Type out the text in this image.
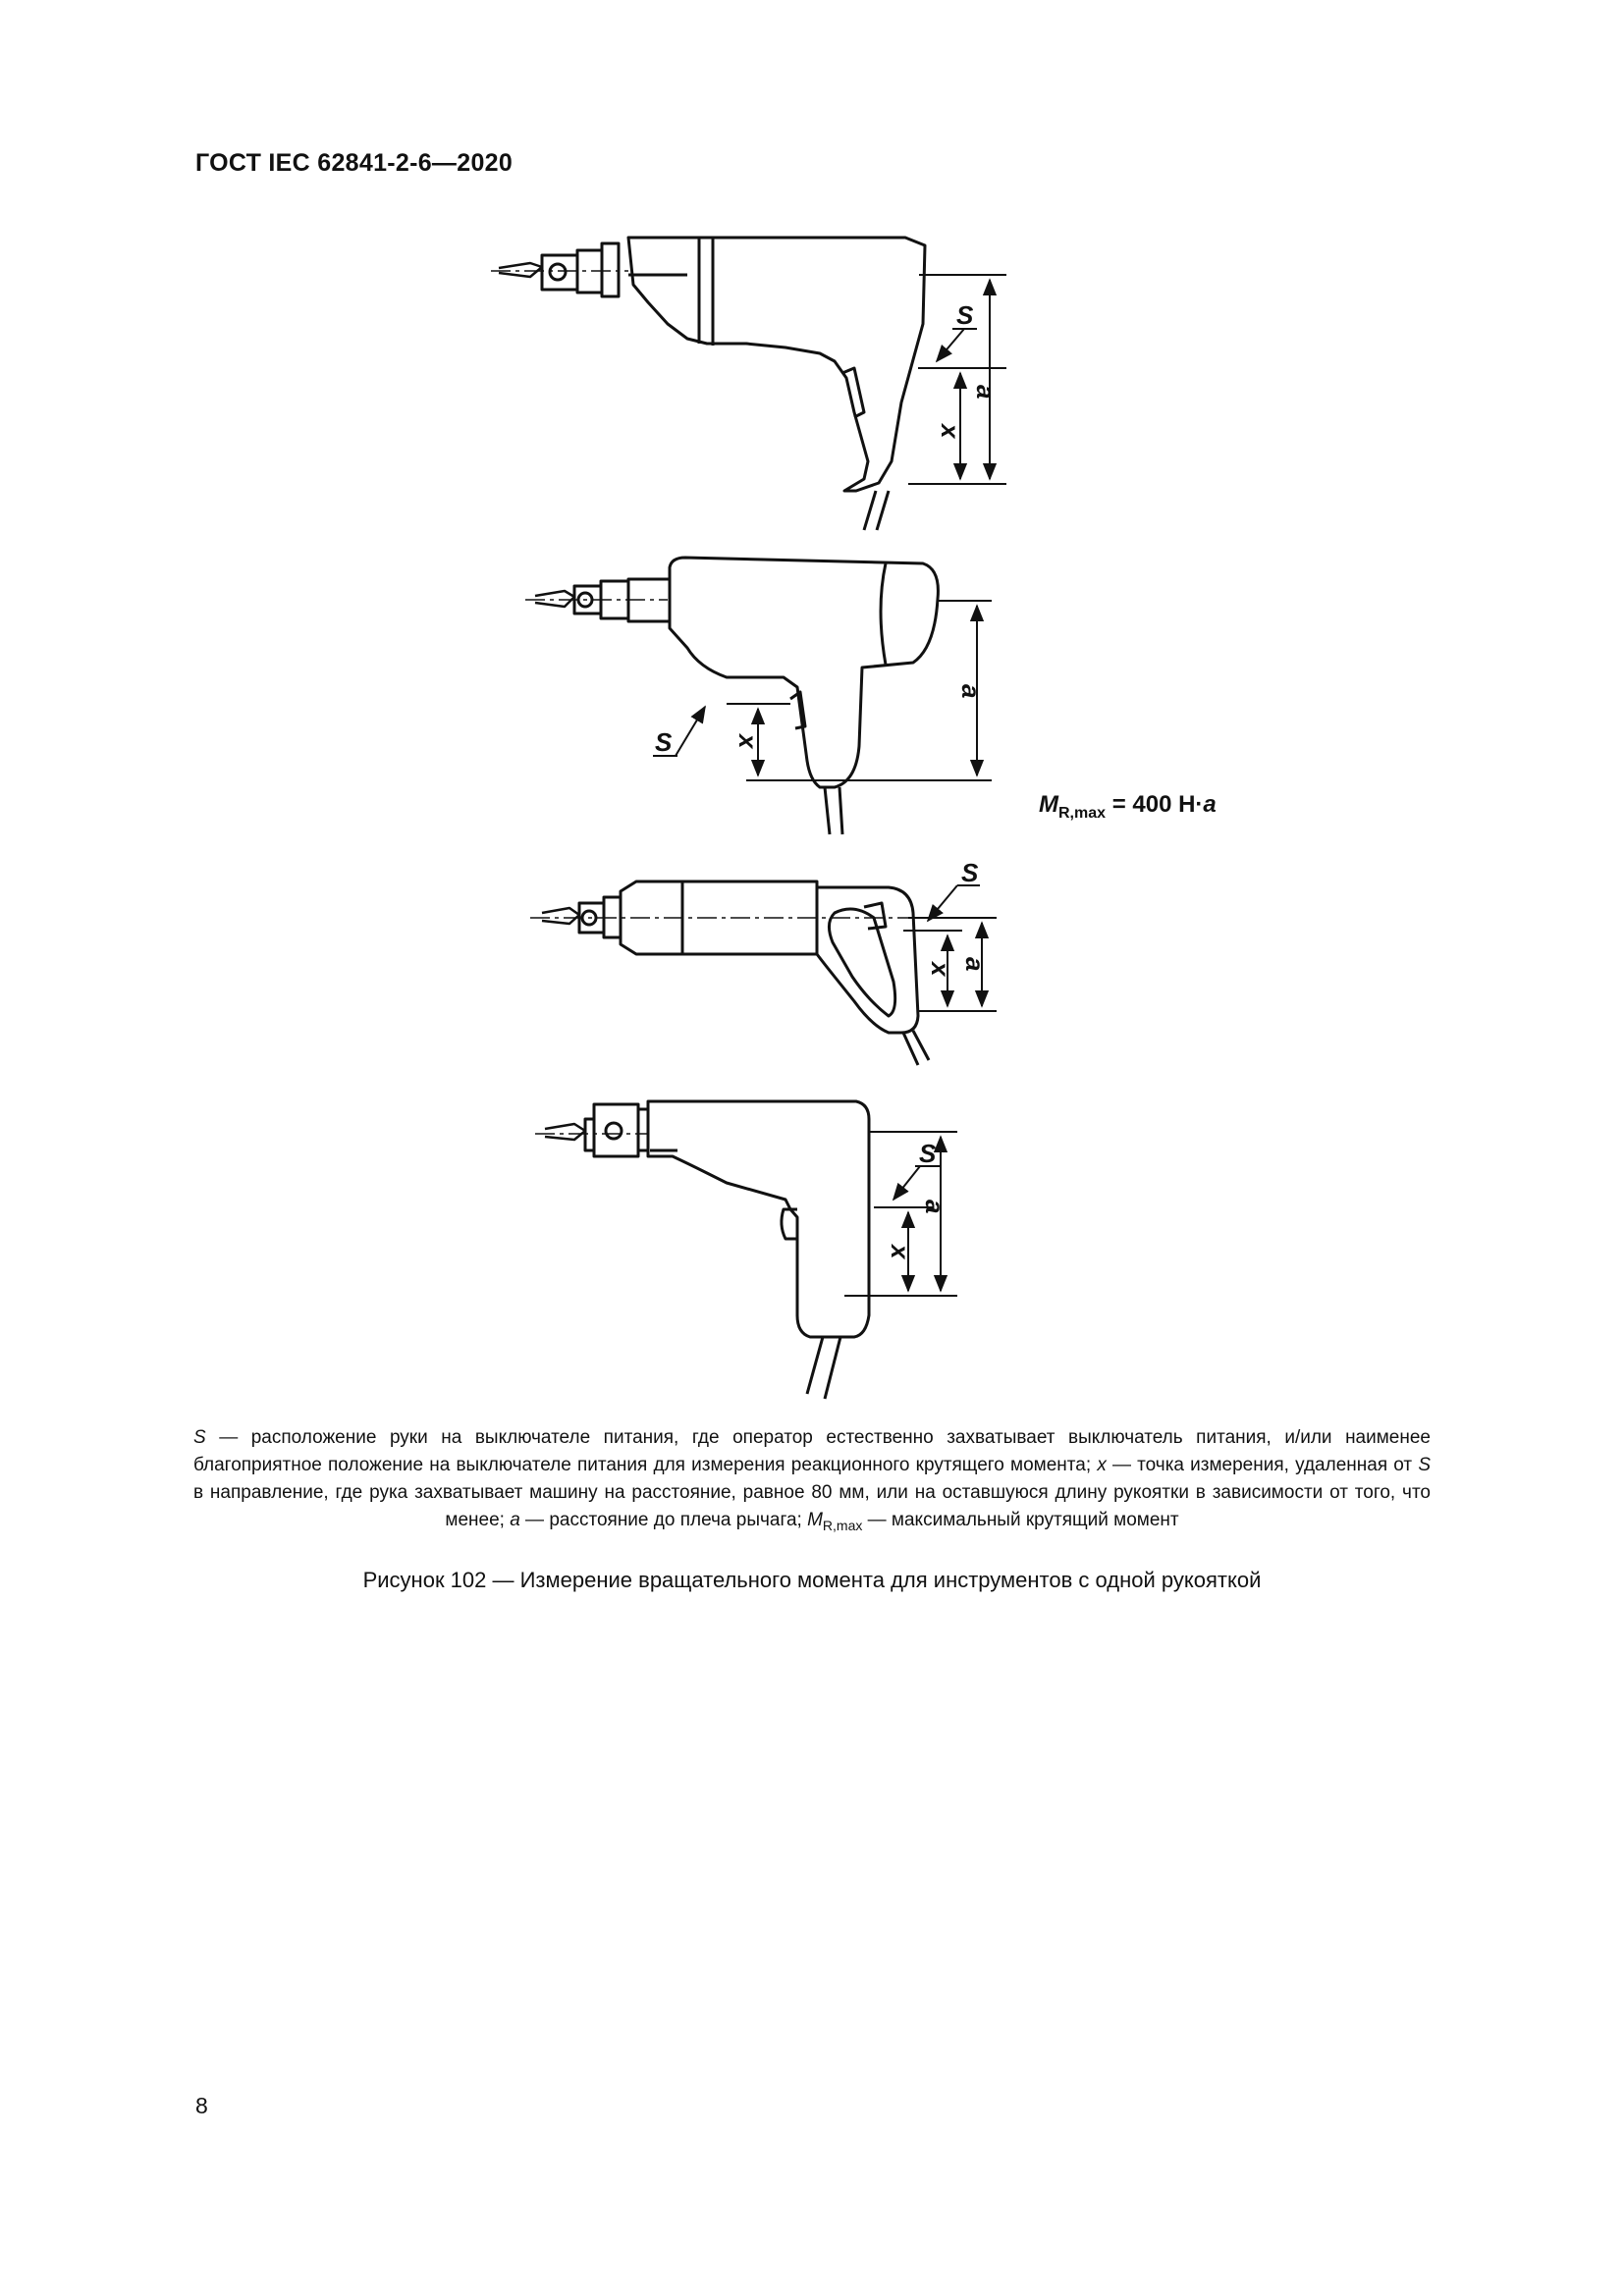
ГОСТ IEC 62841-2-6—2020
S
a
x
S
a
x
S
a
x
S
a
x
$M_{R,max} = 400$ Н·a
S — расположение руки на выключателе питания, где оператор естественно захватывает выключатель питания, и/или наименее благоприятное положение на выключателе питания для измерения реакционного крутящего момента; x — точка измерения, удаленная от S в направление, где рука захватывает машину на расстояние, равное 80 мм, или на оставшуюся длину рукоятки в зависимости от того, что менее; a — расстояние до плеча рычага; $M_{R,max}$ — максимальный крутящий момент
Рисунок 102 — Измерение вращательного момента для инструментов с одной рукояткой
8
